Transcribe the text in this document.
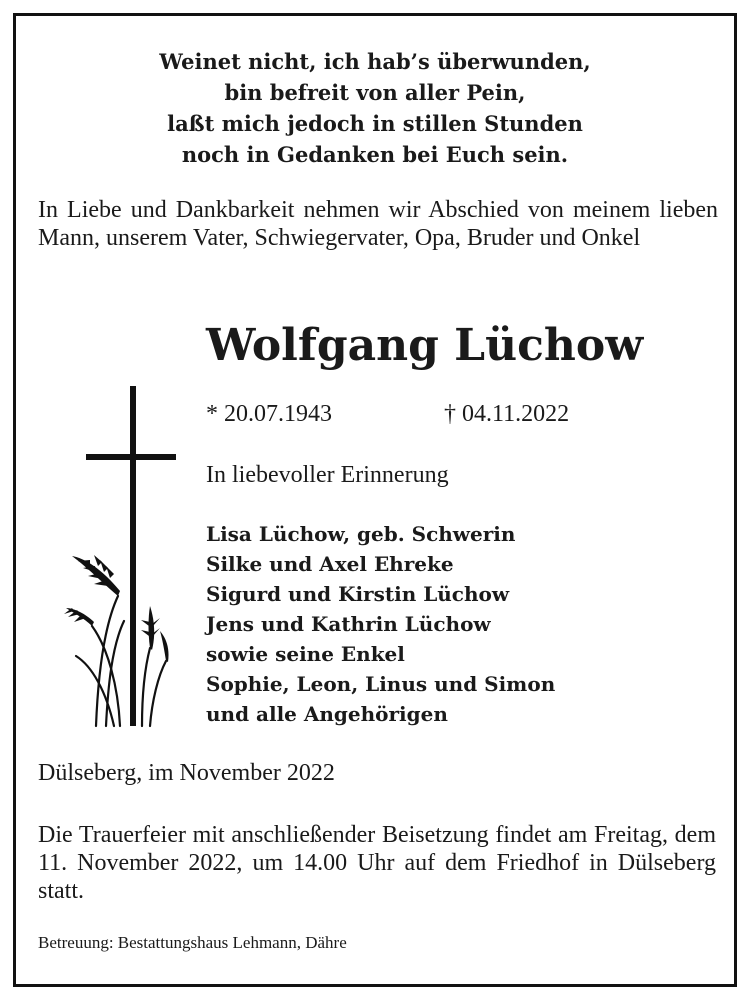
Weinet nicht, ich hab’s überwunden,
bin befreit von aller Pein,
laßt mich jedoch in stillen Stunden
noch in Gedanken bei Euch sein.
In Liebe und Dankbarkeit nehmen wir Abschied von meinem lieben Mann, unserem Vater, Schwiegervater, Opa, Bruder und Onkel
Wolfgang Lüchow
* 20.07.1943	† 04.11.2022
In liebevoller Erinnerung
Lisa Lüchow, geb. Schwerin
Silke und Axel Ehreke
Sigurd und Kirstin Lüchow
Jens und Kathrin Lüchow
sowie seine Enkel
Sophie, Leon, Linus und Simon
und alle Angehörigen
Dülseberg, im November 2022
Die Trauerfeier mit anschließender Beisetzung findet am Freitag, dem 11. November 2022, um 14.00 Uhr auf dem Friedhof in Dülseberg statt.
Betreuung: Bestattungshaus Lehmann, Dähre
